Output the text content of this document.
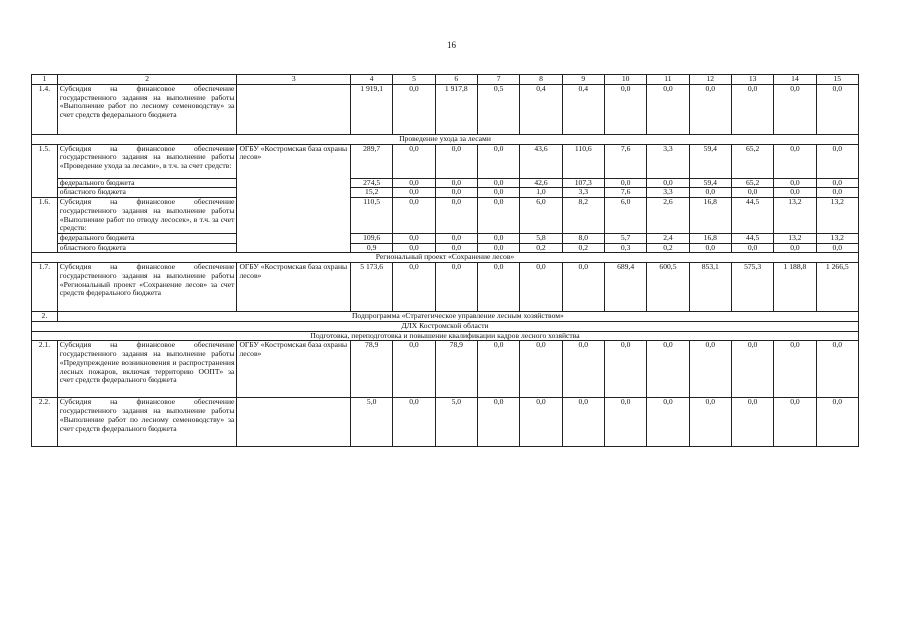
16
1	2	3	4	5	6	7	8	9	10	11	12	13	14	15
1.4.	Субсидия на финансовое обеспечение государственного задания на выполнение работы «Выполнение работ по лесному семеноводству» за счет средств федерального бюджета		1 919,1	0,0	1 917,8	0,5	0,4	0,4	0,0	0,0	0,0	0,0	0,0	0,0
Проведение ухода за лесами														
1.5.	Субсидия на финансовое обеспечение государственного задания на выполнение работы «Проведение ухода за лесами», в т.ч. за счет средств:	ОГБУ «Костромская база охраны лесов»	289,7	0,0	0,0	0,0	43,6	110,6	7,6	3,3	59,4	65,2	0,0	0,0
	федерального бюджета		274,5	0,0	0,0	0,0	42,6	107,3	0,0	0,0	59,4	65,2	0,0	0,0
	областного бюджета		15,2	0,0	0,0	0,0	1,0	3,3	7,6	3,3	0,0	0,0	0,0	0,0
1.6.	Субсидия на финансовое обеспечение государственного задания на выполнение работы «Выполнение работ по отводу лесосек», в т.ч. за счет средств:		110,5	0,0	0,0	0,0	6,0	8,2	6,0	2,6	16,8	44,5	13,2	13,2
	федерального бюджета		109,6	0,0	0,0	0,0	5,8	8,0	5,7	2,4	16,8	44,5	13,2	13,2
	областного бюджета		0,9	0,0	0,0	0,0	0,2	0,2	0,3	0,2	0,0	0,0	0,0	0,0
Региональный проект «Сохранение лесов»														
1.7.	Субсидия на финансовое обеспечение государственного задания на выполнение работы «Региональный проект «Сохранение лесов» за счет средств федерального бюджета	ОГБУ «Костромская база охраны лесов»	5 173,6	0,0	0,0	0,0	0,0	0,0	689,4	600,5	853,1	575,3	1 188,8	1 266,5
2.	Подпрограмма «Стратегическое управление лесным хозяйством»													
ДЛХ Костромской области														
Подготовка, переподготовка и повышение квалификации кадров лесного хозяйства														
2.1.	Субсидия на финансовое обеспечение государственного задания на выполнение работы «Предупреждение возникновения и распространения лесных пожаров, включая территорию ООПТ» за счет средств федерального бюджета	ОГБУ «Костромская база охраны лесов»	78,9	0,0	78,9	0,0	0,0	0,0	0,0	0,0	0,0	0,0	0,0	0,0
2.2.	Субсидия на финансовое обеспечение государственного задания на выполнение работы «Выполнение работ по лесному семеноводству» за счет средств федерального бюджета		5,0	0,0	5,0	0,0	0,0	0,0	0,0	0,0	0,0	0,0	0,0	0,0
